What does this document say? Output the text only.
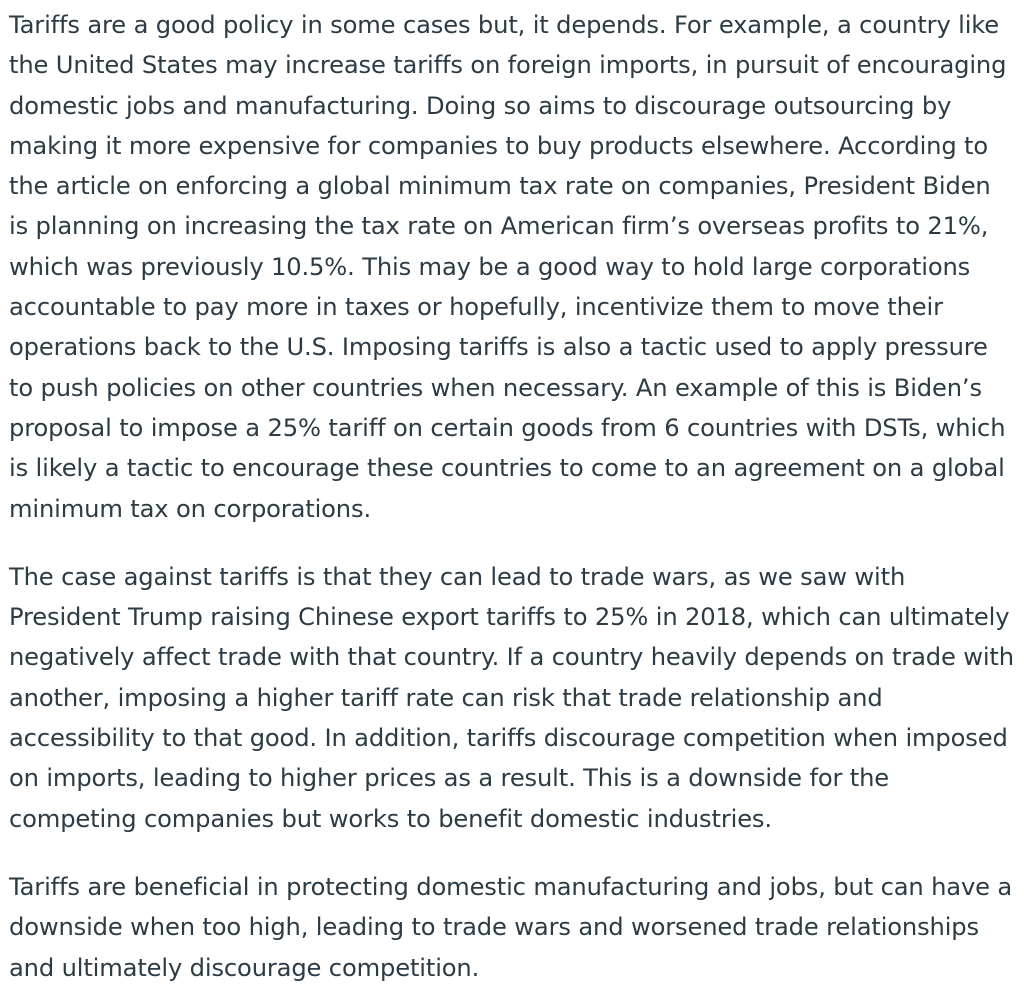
Tariffs are a good policy in some cases but, it depends. For example, a country like the United States may increase tariffs on foreign imports, in pursuit of encouraging domestic jobs and manufacturing. Doing so aims to discourage outsourcing by making it more expensive for companies to buy products elsewhere. According to the article on enforcing a global minimum tax rate on companies, President Biden is planning on increasing the tax rate on American firm’s overseas profits to 21%, which was previously 10.5%. This may be a good way to hold large corporations accountable to pay more in taxes or hopefully, incentivize them to move their operations back to the U.S. Imposing tariffs is also a tactic used to apply pressure to push policies on other countries when necessary. An example of this is Biden’s proposal to impose a 25% tariff on certain goods from 6 countries with DSTs, which is likely a tactic to encourage these countries to come to an agreement on a global minimum tax on corporations.

The case against tariffs is that they can lead to trade wars, as we saw with President Trump raising Chinese export tariffs to 25% in 2018, which can ultimately negatively affect trade with that country. If a country heavily depends on trade with another, imposing a higher tariff rate can risk that trade relationship and accessibility to that good. In addition, tariffs discourage competition when imposed on imports, leading to higher prices as a result. This is a downside for the competing companies but works to benefit domestic industries.

Tariffs are beneficial in protecting domestic manufacturing and jobs, but can have a downside when too high, leading to trade wars and worsened trade relationships and ultimately discourage competition.
